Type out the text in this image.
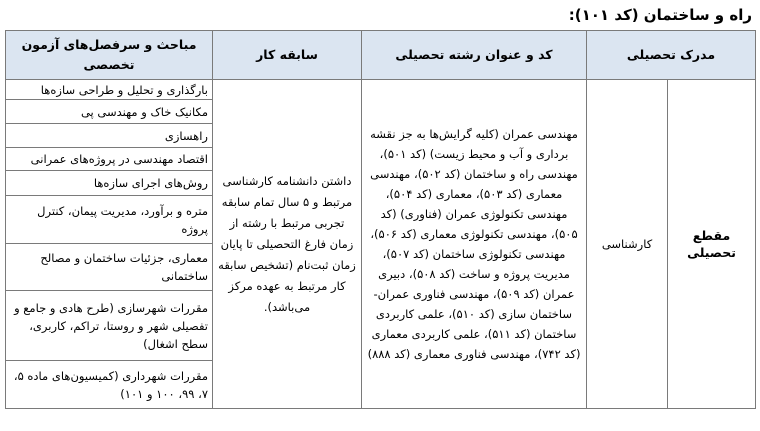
راه و ساختمان (کد ۱۰۱):
مدرک تحصیلی		کد و عنوان رشته تحصیلی	سابقه کار	مباحث و سرفصل‌های آزمون تخصصی
مقطع تحصیلی	کارشناسی	مهندسی عمران (کلیه گرایش‌ها به جز نقشه برداری و آب و محیط زیست) (کد ۵۰۱)، مهندسی راه و ساختمان (کد ۵۰۲)، مهندسی معماری (کد ۵۰۳)، معماری (کد ۵۰۴)، مهندسی تکنولوژی عمران (فناوری) (کد ۵۰۵)، مهندسی تکنولوژی معماری (کد ۵۰۶)، مهندسی تکنولوژی ساختمان (کد ۵۰۷)، مدیریت پروژه و ساخت (کد ۵۰۸)، دبیری عمران (کد ۵۰۹)، مهندسی فناوری عمران- ساختمان سازی (کد ۵۱۰)، علمی کاربردی ساختمان (کد ۵۱۱)، علمی کاربردی معماری (کد ۷۴۲)، مهندسی فناوری معماری (کد ۸۸۸)	داشتن دانشنامه کارشناسی مرتبط و ۵ سال تمام سابقه تجربی مرتبط با رشته از زمان فارغ التحصیلی تا پایان زمان ثبت‌نام (تشخیص سابقه کار مرتبط به عهده مرکز می‌باشد).	بارگذاری و تحلیل و طراحی سازه‌ها
				مکانیک خاک و مهندسی پی
				راهسازی
				اقتصاد مهندسی در پروژه‌های عمرانی
				روش‌های اجرای سازه‌ها
				متره و برآورد، مدیریت پیمان، کنترل پروژه
				معماری، جزئیات ساختمان و مصالح ساختمانی
				مقررات شهرسازی (طرح هادی و جامع و تفصیلی شهر و روستا، تراکم، کاربری، سطح اشغال)
				مقررات شهرداری (کمیسیون‌های ماده ۵، ۷، ۹۹، ۱۰۰ و ۱۰۱)
